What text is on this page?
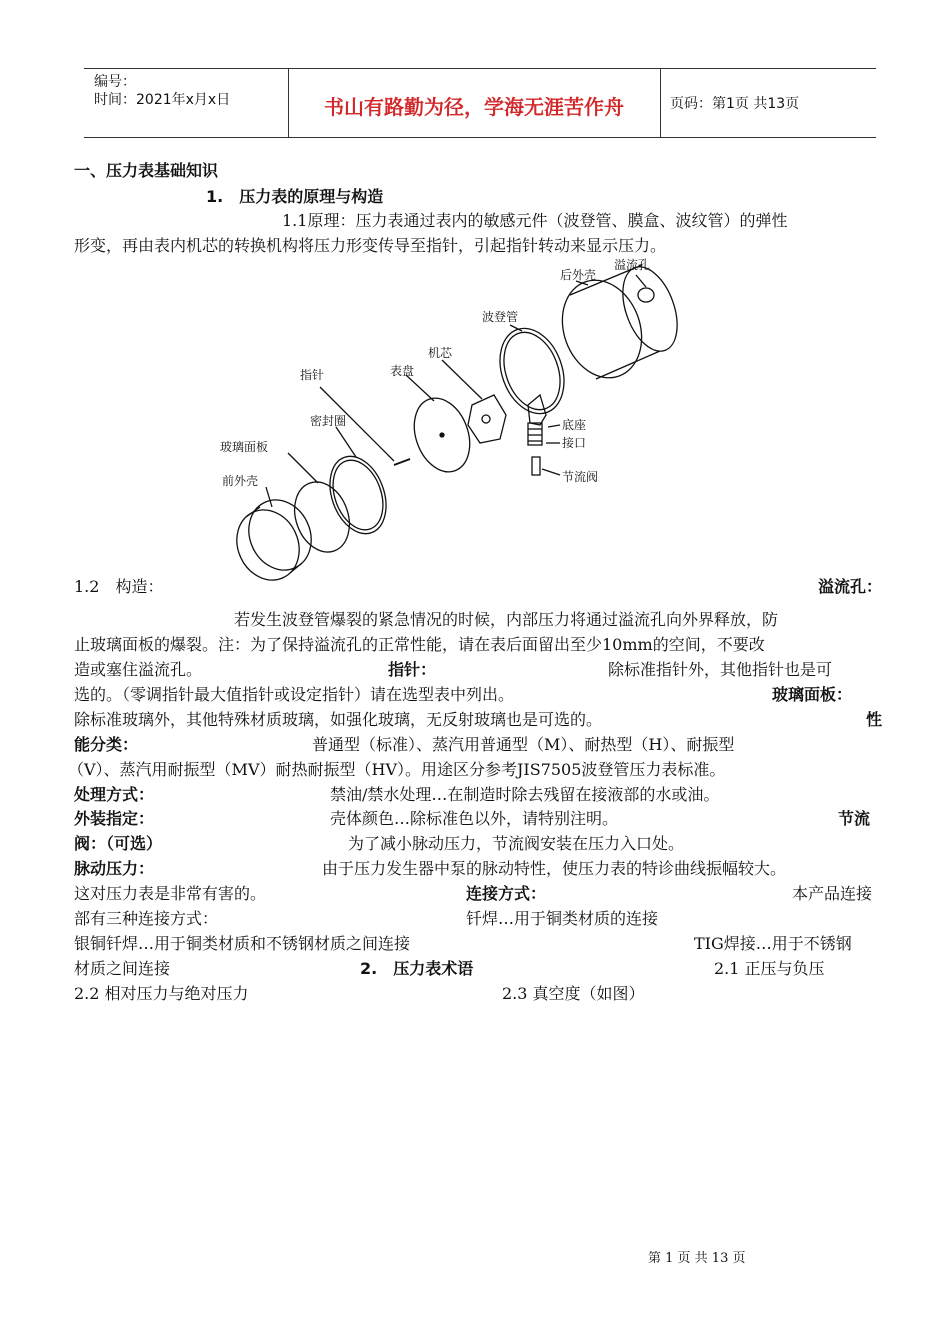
编号：
时间：2021年x月x日	书山有路勤为径，学海无涯苦作舟	页码：第1页 共13页
一、压力表基础知识
1.　压力表的原理与构造
1.1原理：压力表通过表内的敏感元件（波登管、膜盒、波纹管）的弹性
形变，再由表内机芯的转换机构将压力形变传导至指针，引起指针转动来显示压力。
后外壳
溢流孔
波登管
机芯
指针	表盘
密封圈
玻璃面板
前外壳
底座
接口
节流阀
1.2　构造：	溢流孔：
若发生波登管爆裂的紧急情况的时候，内部压力将通过溢流孔向外界释放，防
止玻璃面板的爆裂。注：为了保持溢流孔的正常性能，请在表后面留出至少10mm的空间，不要改
造或塞住溢流孔。	指针：	除标准指针外，其他指针也是可
选的。（零调指针最大值指针或设定指针）请在选型表中列出。	玻璃面板：
除标准玻璃外，其他特殊材质玻璃，如强化玻璃，无反射玻璃也是可选的。	性
能分类：	普通型（标准）、蒸汽用普通型（M）、耐热型（H）、耐振型
（V）、蒸汽用耐振型（MV）耐热耐振型（HV）。用途区分参考JIS7505波登管压力表标准。
处理方式：	禁油/禁水处理…在制造时除去残留在接液部的水或油。
外装指定：	壳体颜色…除标准色以外，请特别注明。	节流
阀：（可选）	为了减小脉动压力，节流阀安装在压力入口处。
脉动压力：	由于压力发生器中泵的脉动特性，使压力表的特诊曲线振幅较大。
这对压力表是非常有害的。	连接方式：	本产品连接
部有三种连接方式：	钎焊…用于铜类材质的连接
银铜钎焊…用于铜类材质和不锈钢材质之间连接	TIG焊接…用于不锈钢
材质之间连接	2.　压力表术语	2.1 正压与负压
2.2 相对压力与绝对压力	2.3 真空度（如图）
第 1 页 共 13 页
